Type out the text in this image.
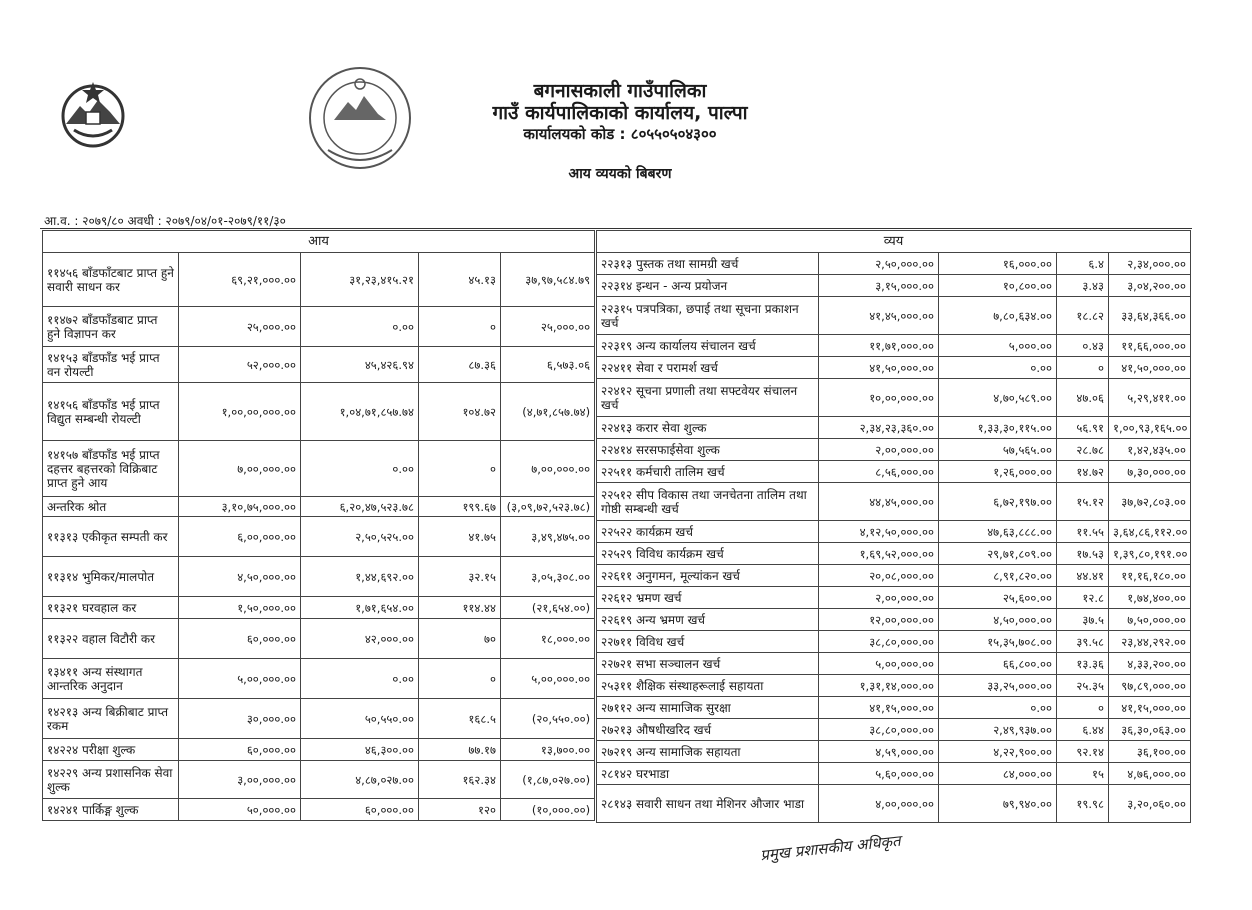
बगनासकाली गाउँपालिका
गाउँ कार्यपालिकाको कार्यालय, पाल्पा
कार्यालयको कोड : ८०५५०५०४३००
आय व्ययको बिबरण
आ.व. : २०७९/८० अवधी : २०७९/०४/०१-२०७९/११/३०
आय				
११४५६ बाँडफाँटबाट प्राप्त हुने सवारी साधन कर	६९,२१,०००.००	३१,२३,४१५.२१	४५.१३	३७,९७,५८४.७९
११४७२ बाँडफाँडबाट प्राप्त हुने विज्ञापन कर	२५,०००.००	०.००	०	२५,०००.००
१४१५३ बाँडफाँड भई प्राप्त वन रोयल्टी	५२,०००.००	४५,४२६.९४	८७.३६	६,५७३.०६
१४१५६ बाँडफाँड भई प्राप्त विद्युत सम्बन्धी रोयल्टी	१,००,००,०००.००	१,०४,७१,८५७.७४	१०४.७२	(४,७१,८५७.७४)
१४१५७ बाँडफाँड भई प्राप्त दहत्तर बहत्तरको विक्रिबाट प्राप्त हुने आय	७,००,०००.००	०.००	०	७,००,०००.००
अन्तरिक श्रोत	३,१०,७५,०००.००	६,२०,४७,५२३.७८	१९९.६७	(३,०९,७२,५२३.७८)
११३१३ एकीकृत सम्पती कर	६,००,०००.००	२,५०,५२५.००	४१.७५	३,४९,४७५.००
११३१४ भुमिकर/मालपोत	४,५०,०००.००	१,४४,६९२.००	३२.१५	३,०५,३०८.००
११३२१ घरवहाल कर	१,५०,०००.००	१,७१,६५४.००	११४.४४	(२१,६५४.००)
११३२२ वहाल विटौरी कर	६०,०००.००	४२,०००.००	७०	१८,०००.००
१३४११ अन्य संस्थागत आन्तरिक अनुदान	५,००,०००.००	०.००	०	५,००,०००.००
१४२१३ अन्य बिक्रीबाट प्राप्त रकम	३०,०००.००	५०,५५०.००	१६८.५	(२०,५५०.००)
१४२२४ परीक्षा शुल्क	६०,०००.००	४६,३००.००	७७.१७	१३,७००.००
१४२२९ अन्य प्रशासनिक सेवा शुल्क	३,००,०००.००	४,८७,०२७.००	१६२.३४	(१,८७,०२७.००)
१४२४१ पार्किङ्ग शुल्क	५०,०००.००	६०,०००.००	१२०	(१०,०००.००)
व्यय				
२२३१३ पुस्तक तथा सामग्री खर्च	२,५०,०००.००	१६,०००.००	६.४	२,३४,०००.००
२२३१४ इन्धन - अन्य प्रयोजन	३,१५,०००.००	१०,८००.००	३.४३	३,०४,२००.००
२२३१५ पत्रपत्रिका, छपाई तथा सूचना प्रकाशन खर्च	४१,४५,०००.००	७,८०,६३४.००	१८.८२	३३,६४,३६६.००
२२३१९ अन्य कार्यालय संचालन खर्च	११,७१,०००.००	५,०००.००	०.४३	११,६६,०००.००
२२४११ सेवा र परामर्श खर्च	४१,५०,०००.००	०.००	०	४१,५०,०००.००
२२४१२ सूचना प्रणाली तथा सफ्टवेयर संचालन खर्च	१०,००,०००.००	४,७०,५८९.००	४७.०६	५,२९,४११.००
२२४१३ करार सेवा शुल्क	२,३४,२३,३६०.००	१,३३,३०,११५.००	५६.९१	१,००,९३,१६५.००
२२४१४ सरसफाईसेवा शुल्क	२,००,०००.००	५७,५६५.००	२८.७८	१,४२,४३५.००
२२५११ कर्मचारी तालिम खर्च	८,५६,०००.००	१,२६,०००.००	१४.७२	७,३०,०००.००
२२५१२ सीप विकास तथा जनचेतना तालिम तथा गोष्ठी सम्बन्धी खर्च	४४,४५,०००.००	६,७२,१९७.००	१५.१२	३७,७२,८०३.००
२२५२२ कार्यक्रम खर्च	४,१२,५०,०००.००	४७,६३,८८८.००	११.५५	३,६४,८६,११२.००
२२५२९ विविध कार्यक्रम खर्च	१,६९,५२,०००.००	२९,७१,८०९.००	१७.५३	१,३९,८०,१९१.००
२२६११ अनुगमन, मूल्यांकन खर्च	२०,०८,०००.००	८,९१,८२०.००	४४.४१	११,१६,१८०.००
२२६१२ भ्रमण खर्च	२,००,०००.००	२५,६००.००	१२.८	१,७४,४००.००
२२६१९ अन्य भ्रमण खर्च	१२,००,०००.००	४,५०,०००.००	३७.५	७,५०,०००.००
२२७११ विविध खर्च	३८,८०,०००.००	१५,३५,७०८.००	३९.५८	२३,४४,२९२.००
२२७२१ सभा सञ्चालन खर्च	५,००,०००.००	६६,८००.००	१३.३६	४,३३,२००.००
२५३११ शैक्षिक संस्थाहरूलाई सहायता	१,३१,१४,०००.००	३३,२५,०००.००	२५.३५	९७,८९,०००.००
२७११२ अन्य सामाजिक सुरक्षा	४१,१५,०००.००	०.००	०	४१,१५,०००.००
२७२१३ औषधीखरिद खर्च	३८,८०,०००.००	२,४९,९३७.००	६.४४	३६,३०,०६३.००
२७२१९ अन्य सामाजिक सहायता	४,५९,०००.००	४,२२,९००.००	९२.१४	३६,१००.००
२८१४२ घरभाडा	५,६०,०००.००	८४,०००.००	१५	४,७६,०००.००
२८१४३ सवारी साधन तथा मेशिनर औजार भाडा	४,००,०००.००	७९,९४०.००	१९.९८	३,२०,०६०.००
प्रमुख प्रशासकीय अधिकृत
